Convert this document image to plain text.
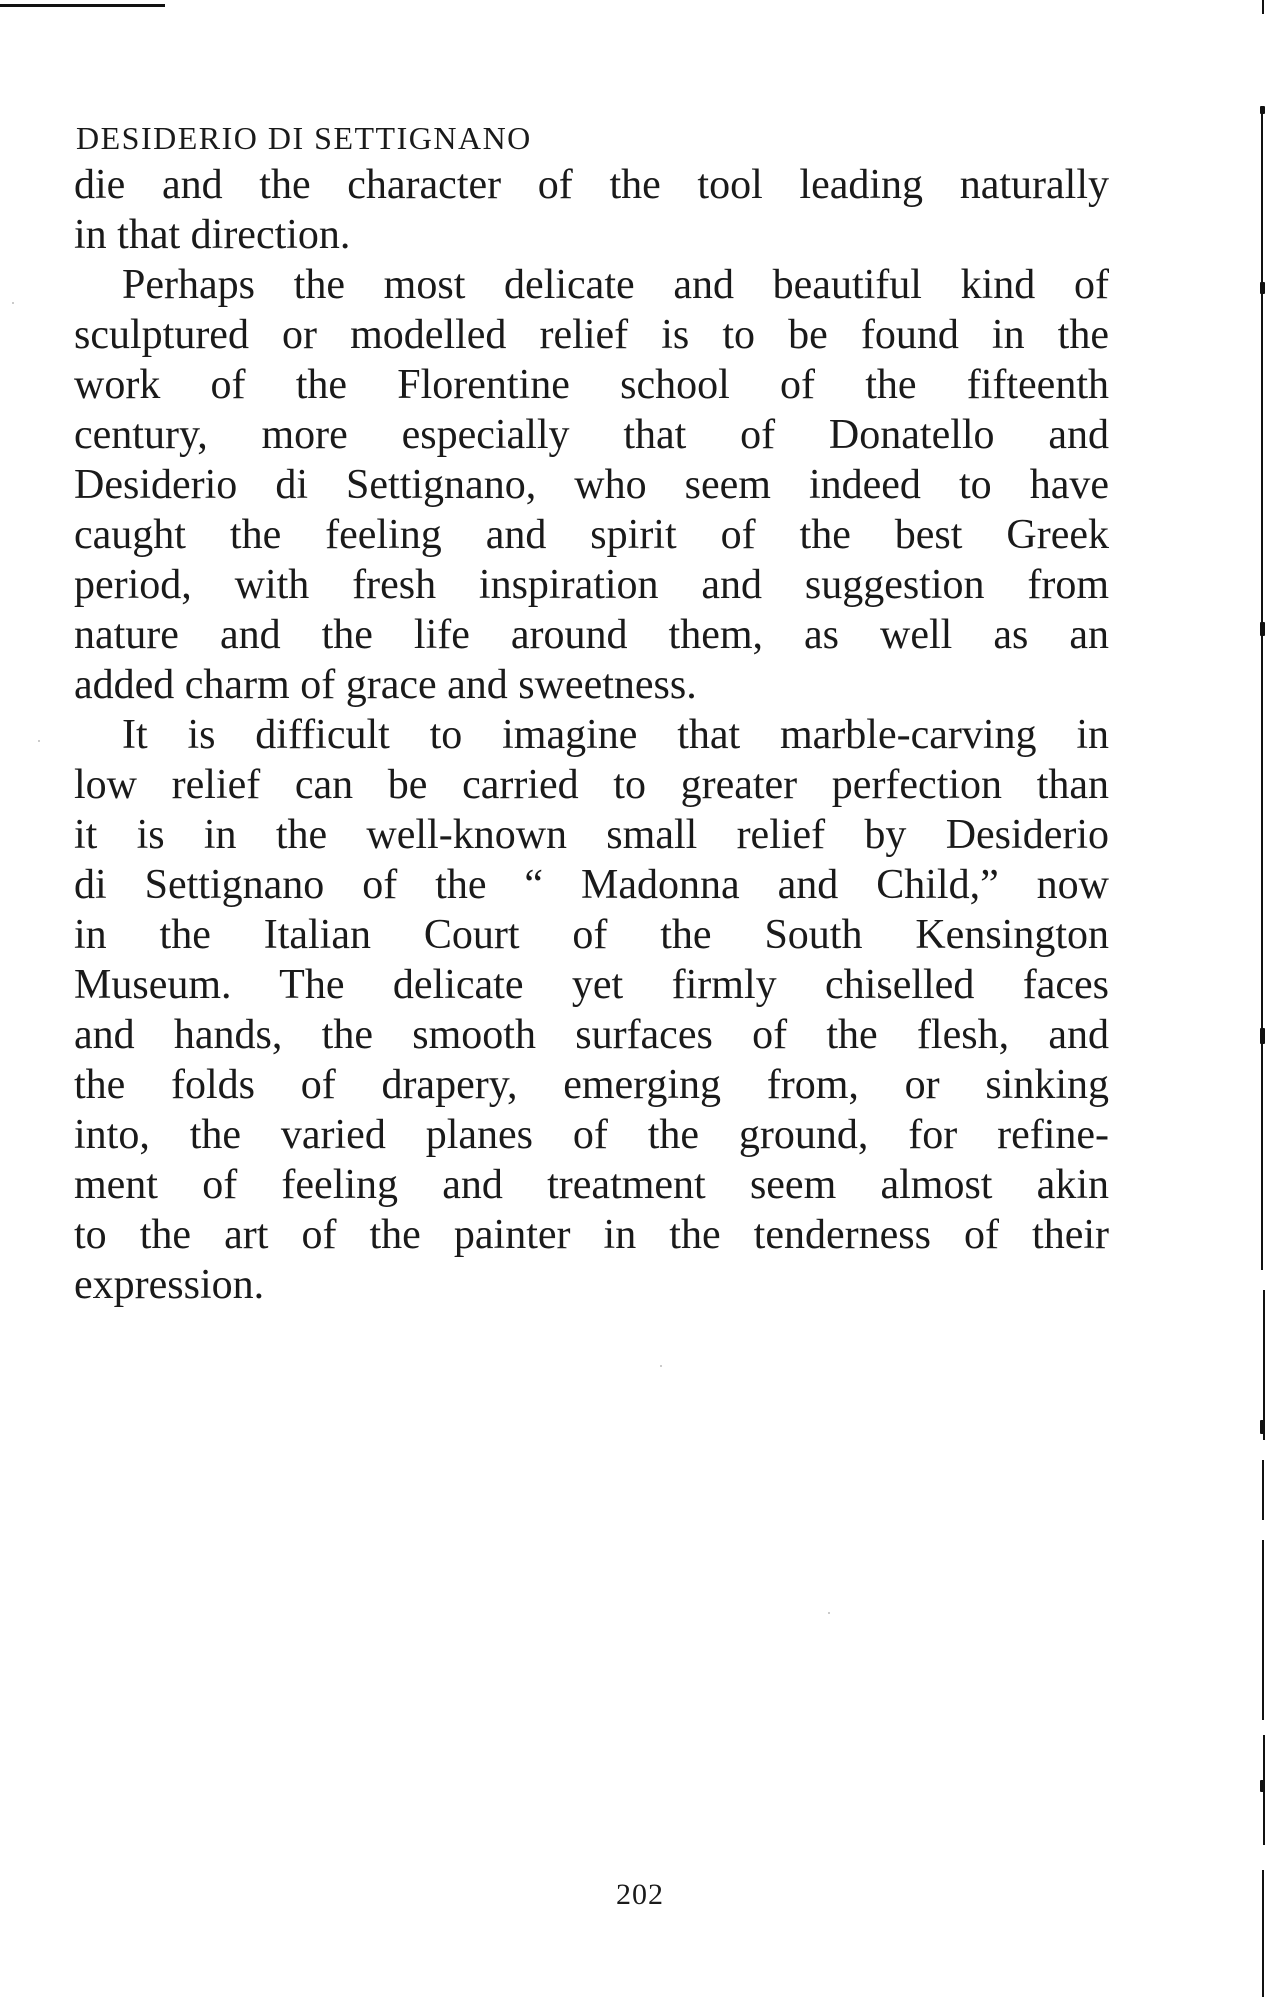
DESIDERIO DI SETTIGNANO
die and the character of the tool leading naturally
in that direction.
Perhaps the most delicate and beautiful kind of
sculptured or modelled relief is to be found in the
work of the Florentine school of the fifteenth
century, more especially that of Donatello and
Desiderio di Settignano, who seem indeed to have
caught the feeling and spirit of the best Greek
period, with fresh inspiration and suggestion from
nature and the life around them, as well as an
added charm of grace and sweetness.
It is difficult to imagine that marble-carving in
low relief can be carried to greater perfection than
it is in the well-known small relief by Desiderio
di Settignano of the “ Madonna and Child,” now
in the Italian Court of the South Kensington
Museum. The delicate yet firmly chiselled faces
and hands, the smooth surfaces of the flesh, and
the folds of drapery, emerging from, or sinking
into, the varied planes of the ground, for refine-
ment of feeling and treatment seem almost akin
to the art of the painter in the tenderness of their
expression.
202
